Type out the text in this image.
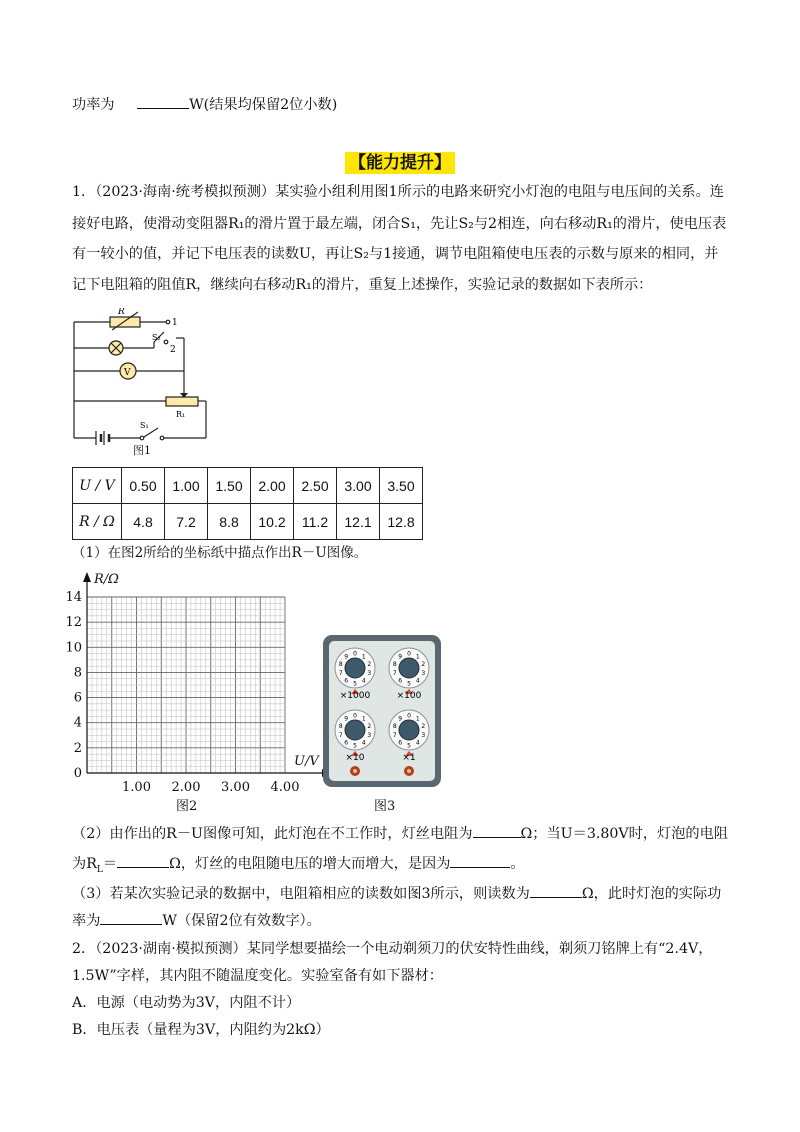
功率为	W(结果均保留2位小数)
【能力提升】
1．（2023·海南·统考模拟预测）某实验小组利用图1所示的电路来研究小灯泡的电阻与电压间的关系。连
接好电路，使滑动变阻器R₁的滑片置于最左端，闭合S₁，先让S₂与2相连，向右移动R₁的滑片，使电压表
有一较小的值，并记下电压表的读数U，再让S₂与1接通，调节电阻箱使电压表的示数与原来的相同，并
记下电阻箱的阻值R，继续向右移动R₁的滑片，重复上述操作，实验记录的数据如下表所示：
R
1
2
S₂
V
R₁
S₁
图1
U / V	0.50	1.00	1.50	2.00	2.50	3.00	3.50
R / Ω	4.8	7.2	8.8	10.2	11.2	12.1	12.8
（1）在图2所给的坐标纸中描点作出R－U图像。
R/Ω
U/V
0
2
4
6
8
10
12
14
1.00 2.00 3.00 4.00
图2
0 1
2
3
4
5
6
7
8
9	0 1
2
3
4
5
6
7
8
9
0 1
2
3
4
5
6
7
8
9	0 1
2
3
4
5
6
7
8
9
×1000	×100
×10	×1
图3
（2）由作出的R－U图像可知，此灯泡在不工作时，灯丝电阻为	Ω；当U＝3.80V时，灯泡的电阻
为$R_L=$	Ω，灯丝的电阻随电压的增大而增大，是因为	。
（3）若某次实验记录的数据中，电阻箱相应的读数如图3所示，则读数为	Ω，此时灯泡的实际功
率为	W（保留2位有效数字）。
2．（2023·湖南·模拟预测）某同学想要描绘一个电动剃须刀的伏安特性曲线，剃须刀铭牌上有“2.4V，
1.5W”字样，其内阻不随温度变化。实验室备有如下器材：
A．电源（电动势为3V，内阻不计）
B．电压表（量程为3V，内阻约为2kΩ）
